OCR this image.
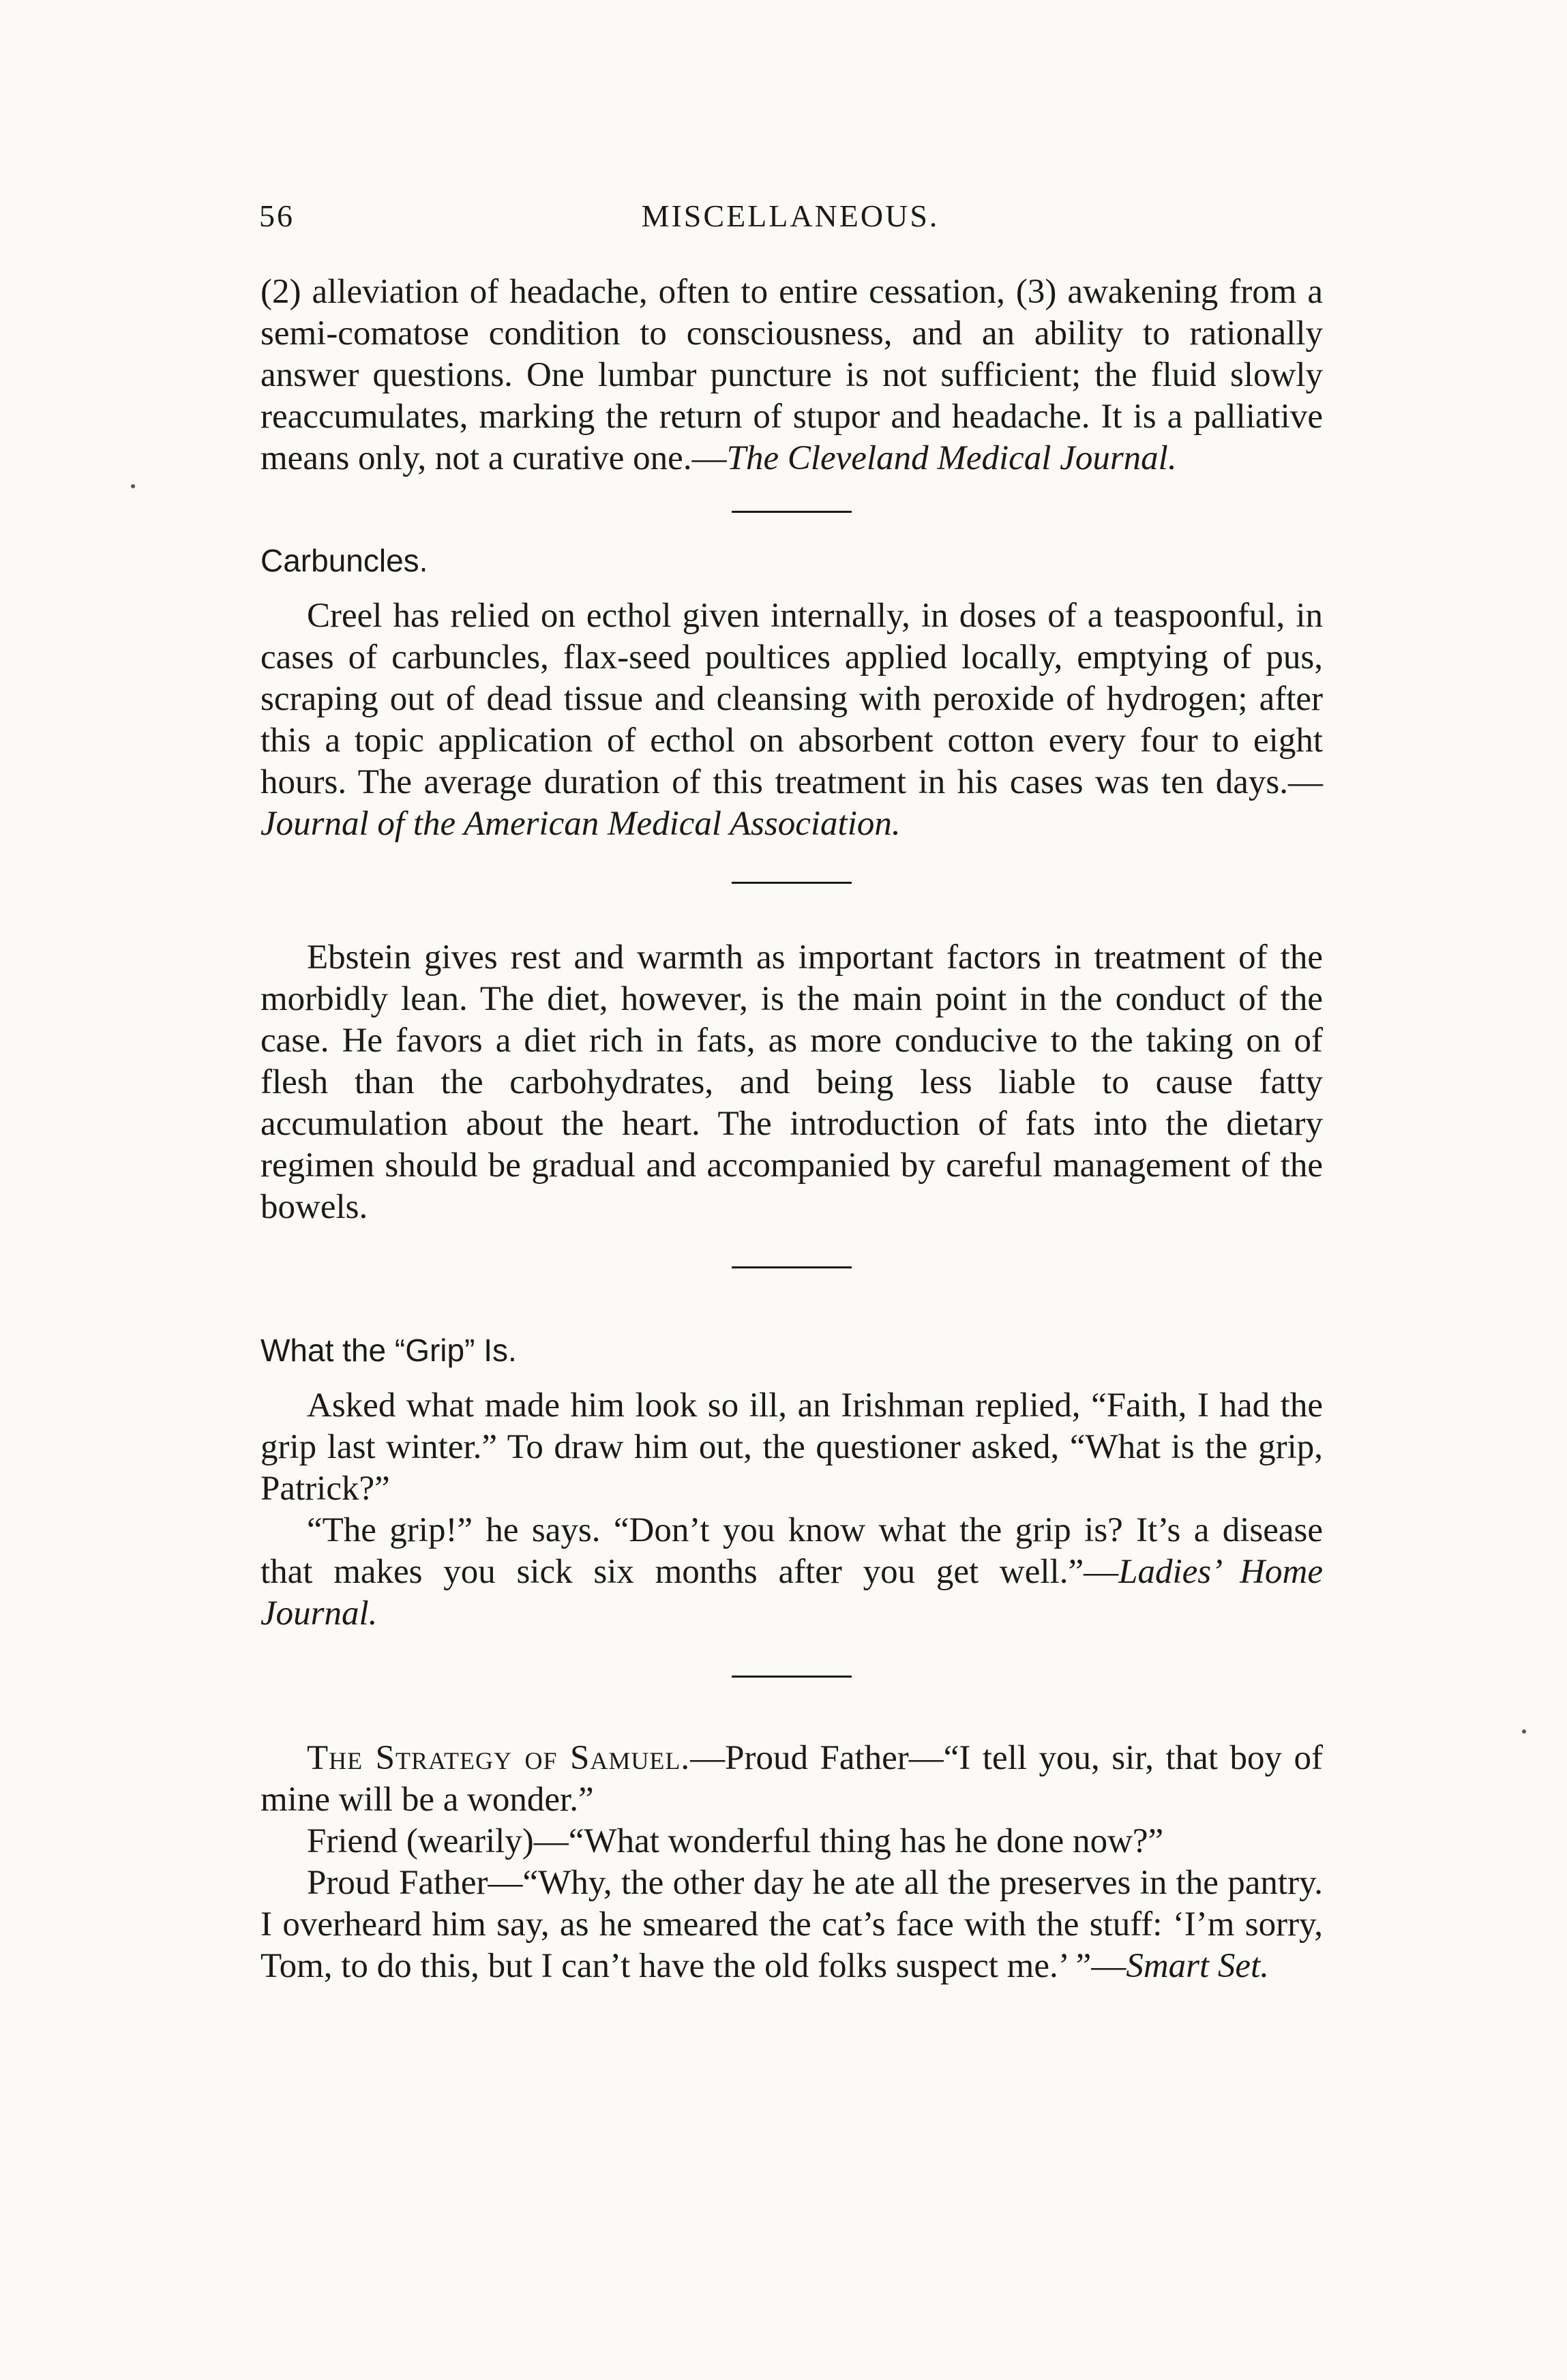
56	MISCELLANEOUS.

(2) alleviation of headache, often to entire cessation, (3) awakening from a semi-comatose condition to consciousness, and an ability to rationally answer questions. One lumbar puncture is not sufficient; the fluid slowly reaccumulates, marking the return of stupor and headache. It is a palliative means only, not a curative one.—The Cleveland Medical Journal.

Carbuncles.

Creel has relied on ecthol given internally, in doses of a teaspoonful, in cases of carbuncles, flax-seed poultices applied locally, emptying of pus, scraping out of dead tissue and cleansing with peroxide of hydrogen; after this a topic application of ecthol on absorbent cotton every four to eight hours. The average duration of this treatment in his cases was ten days.—Journal of the American Medical Association.

Ebstein gives rest and warmth as important factors in treatment of the morbidly lean. The diet, however, is the main point in the conduct of the case. He favors a diet rich in fats, as more conducive to the taking on of flesh than the carbohydrates, and being less liable to cause fatty accumulation about the heart. The introduction of fats into the dietary regimen should be gradual and accompanied by careful management of the bowels.

What the “Grip” Is.

Asked what made him look so ill, an Irishman replied, “Faith, I had the grip last winter.” To draw him out, the questioner asked, “What is the grip, Patrick?”

“The grip!” he says. “Don’t you know what the grip is? It’s a disease that makes you sick six months after you get well.”—Ladies’ Home Journal.

The Strategy of Samuel.—Proud Father—“I tell you, sir, that boy of mine will be a wonder.”

Friend (wearily)—“What wonderful thing has he done now?”

Proud Father—“Why, the other day he ate all the preserves in the pantry. I overheard him say, as he smeared the cat’s face with the stuff: ‘I’m sorry, Tom, to do this, but I can’t have the old folks suspect me.’ ”—Smart Set.
